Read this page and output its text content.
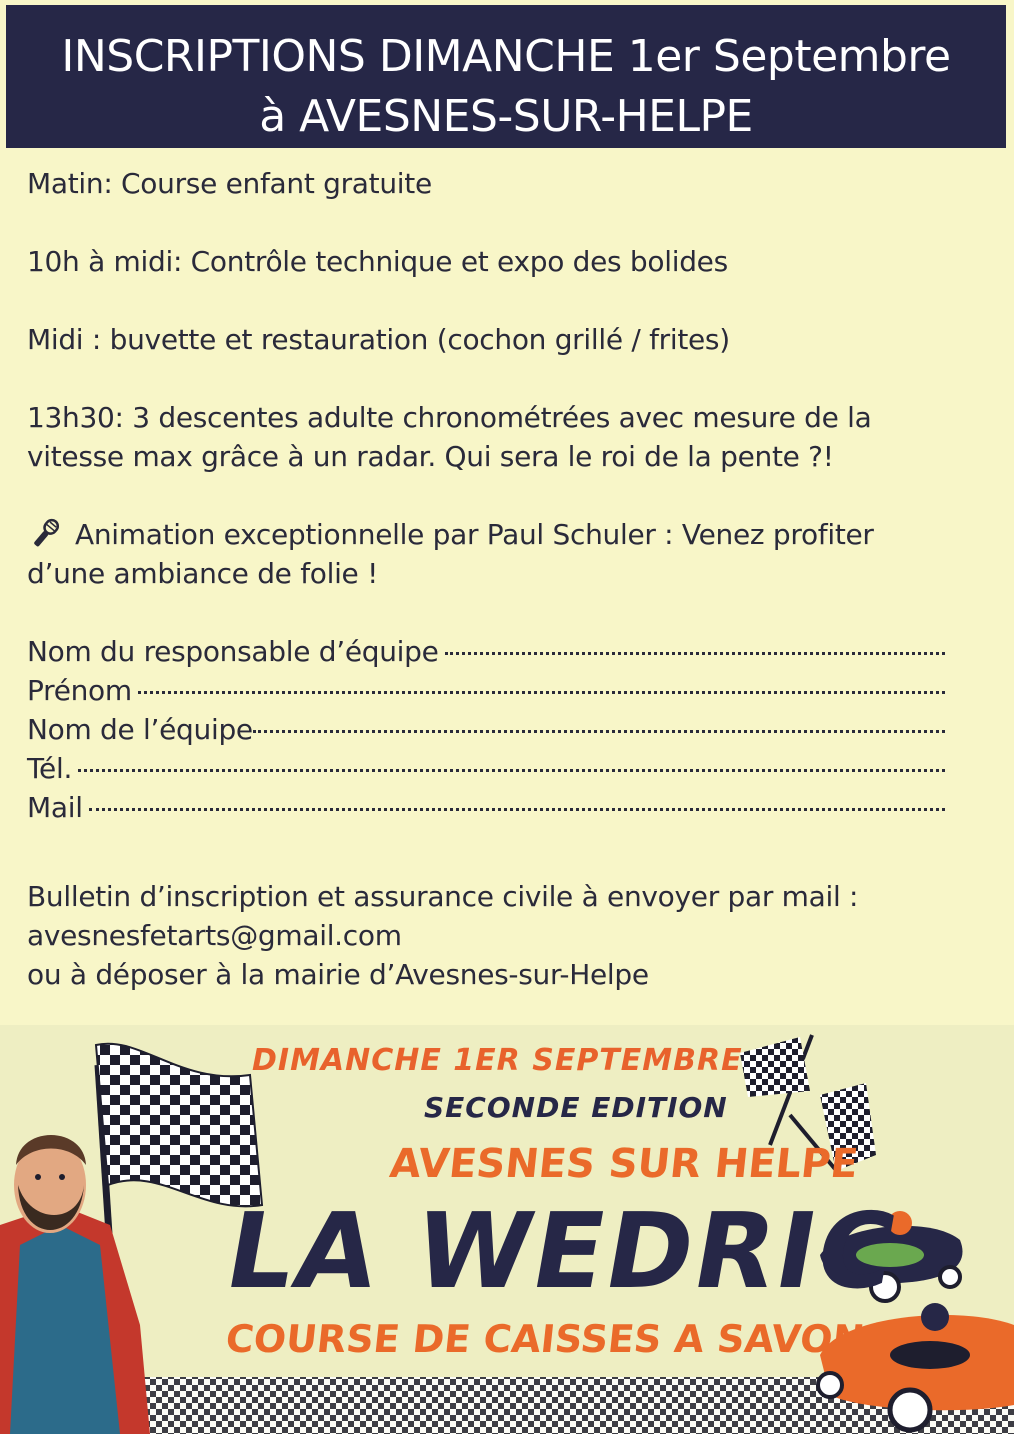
INSCRIPTIONS DIMANCHE 1er Septembre
à AVESNES-SUR-HELPE

Matin: Course enfant gratuite

10h à midi: Contrôle technique et expo des bolides

Midi : buvette et restauration (cochon grillé / frites)

13h30: 3 descentes adulte chronométrées avec mesure de la

vitesse max grâce à un radar. Qui sera le roi de la pente ?!

Animation exceptionnelle par Paul Schuler : Venez profiter

d’une ambiance de folie !

Nom du responsable d’équipe
Prénom
Nom de l’équipe
Tél.
Mail

Bulletin d’inscription et assurance civile à envoyer par mail :

avesnesfetarts@gmail.com

ou à déposer à la mairie d’Avesnes-sur-Helpe

DIMANCHE 1ER SEPTEMBRE
SECONDE EDITION
AVESNES SUR HELPE
LA WEDRIC
COURSE DE CAISSES A SAVON
